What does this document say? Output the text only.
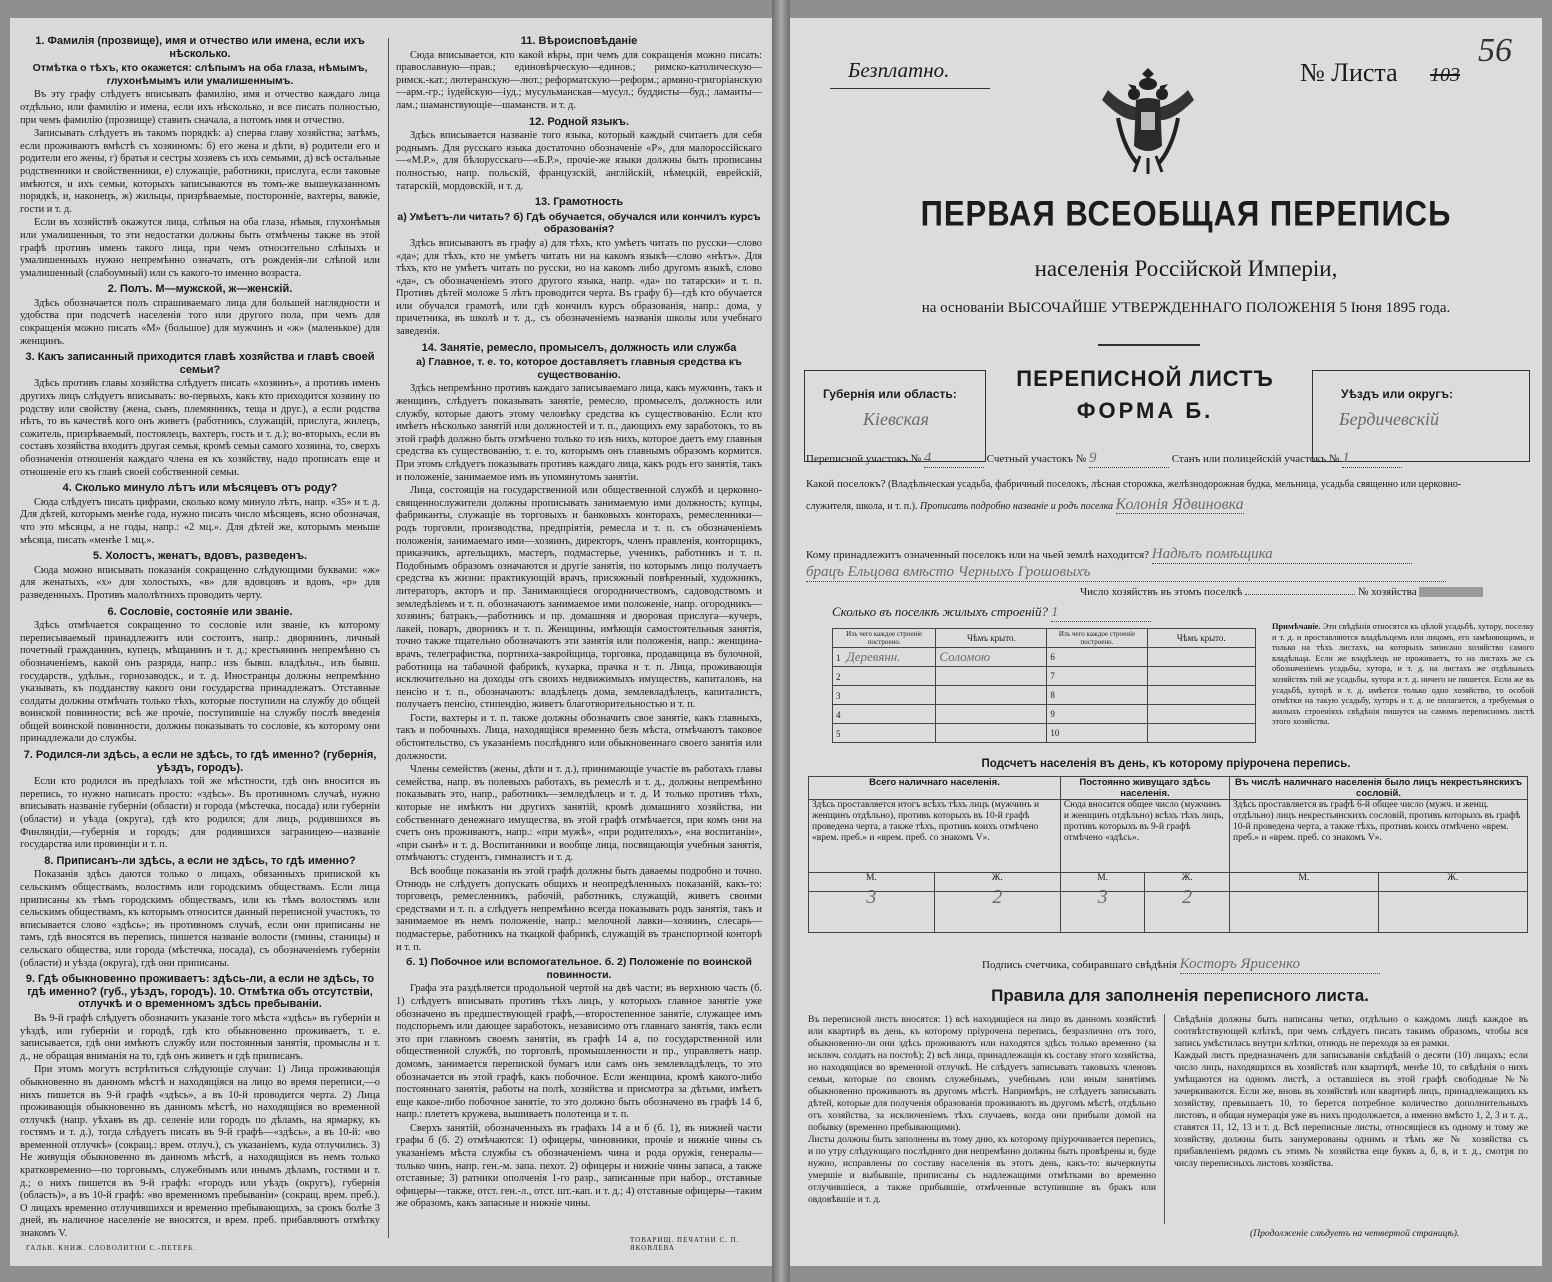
1. Фамилія (прозвище), имя и отчество или имена, если ихъ нѣсколько.
Отмѣтка о тѣхъ, кто окажется: слѣпымъ на оба глаза, нѣмымъ, глухонѣмымъ или умалишеннымъ.
Въ эту графу слѣдуетъ вписывать фамилію, имя и отчество каждаго лица отдѣльно, или фамилію и имена, если ихъ нѣсколько, и все писать полностью, при чемъ фамилію (прозвище) ставить сначала, а потомъ имя и отчество.
Записывать слѣдуетъ въ такомъ порядкѣ: а) сперва главу хозяйства; затѣмъ, если проживаютъ вмѣстѣ съ хозяиномъ: б) его жена и дѣти, в) родители его и родители его жены, г) братья и сестры хозяевъ съ ихъ семьями, д) всѣ остальные родственники и свойственники, е) служащіе, работники, прислуга, если таковые имѣются, и ихъ семьи, которыхъ записываются въ томъ-же вышеуказанномъ порядкѣ, и, наконецъ, ж) жильцы, призрѣваемые, посторонніе, вахтеры, вавжіе, гости и т. д.
Если въ хозяйствѣ окажутся лица, слѣпыя на оба глаза, нѣмыя, глухонѣмыя или умалишенныя, то эти недостатки должны быть отмѣчены также въ этой графѣ противъ именъ такого лица, при чемъ относительно слѣпыхъ и умалишенныхъ нужно непремѣнно означать, отъ рожденія-ли слѣпой или умалишенный (слабоумный) или съ какого-то именно возраста.
2. Полъ. М—мужской, ж—женскій.
Здѣсь обозначается полъ спрашиваемаго лица для большей наглядности и удобства при подсчетѣ населенія того или другого пола, при чемъ для сокращенія можно писать «М» (большое) для мужчинъ и «ж» (маленькое) для женщинъ.
3. Какъ записанный приходится главѣ хозяйства и главѣ своей семьи?
Здѣсь противъ главы хозяйства слѣдуетъ писать «хозяинъ», а противъ именъ другихъ лицъ слѣдуетъ вписывать: во-первыхъ, какъ кто приходится хозяину по родству или свойству (жена, сынъ, племянникъ, теща и друг.), а если родства нѣтъ, то въ качествѣ кого онъ живетъ (работникъ, служащій, прислуга, жилецъ, сожитель, призрѣваемый, постоялецъ, вахтеръ, гость и т. д.); во-вторыхъ, если въ составъ хозяйства входитъ другая семья, кромѣ семьи самого хозяина, то, сверхъ обозначенія отношенія каждаго члена ея къ хозяйству, надо прописать еще и отношеніе его къ главѣ своей собственной семьи.
4. Сколько минуло лѣтъ или мѣсяцевъ отъ роду?
Сюда слѣдуетъ писать цифрами, сколько кому минуло лѣтъ, напр. «35» и т. д. Для дѣтей, которымъ менѣе года, нужно писать число мѣсяцевъ, ясно обозначая, что это мѣсяцы, а не годы, напр.: «2 мц.». Для дѣтей же, которымъ меньше мѣсяца, писать «менѣе 1 мц.».
5. Холостъ, женатъ, вдовъ, разведенъ.
Сюда можно вписывать показанія сокращенно слѣдующими буквами: «ж» для женатыхъ, «х» для холостыхъ, «в» для вдовцовъ и вдовъ, «р» для разведенныхъ. Противъ малолѣтнихъ проводить черту.
6. Сословіе, состояніе или званіе.
Здѣсь отмѣчается сокращенно то сословіе или званіе, къ которому переписываемый принадлежитъ или состоитъ, напр.: дворянинъ, личный почетный гражданинъ, купецъ, мѣщанинъ и т. д.; крестьянинъ непремѣнно съ обозначеніемъ, какой онъ разряда, напр.: изъ бывш. владѣльч., изъ бывш. государств., удѣльн., горнозаводск., и т. д. Иностранцы должны непремѣнно указывать, къ подданству какого они государства принадлежатъ. Отставные солдаты должны отмѣчать только тѣхъ, которые поступили на службу до общей воинской повинности; всѣ же прочіе, поступившіе на службу послѣ введенія общей воинской повинности, должны показывать то сословіе, къ которому они принадлежали до службы.
7. Родился-ли здѣсь, а если не здѣсь, то гдѣ именно? (губернія, уѣздъ, городъ).
Если кто родился въ предѣлахъ той же мѣстности, гдѣ онъ вносится въ перепись, то нужно написать просто: «здѣсь». Въ противномъ случаѣ, нужно вписывать названіе губерніи (области) и города (мѣстечка, посада) или губерніи (области) и уѣзда (округа), гдѣ кто родился; для лицъ, родившихся въ Финляндіи,—губернія и городъ; для родившихся заграницею—названіе государства или провинціи и т. п.
8. Приписанъ-ли здѣсь, а если не здѣсь, то гдѣ именно?
Показанія здѣсь даются только о лицахъ, обязанныхъ припиской къ сельскимъ обществамъ, волостямъ или городскимъ обществамъ. Если лица приписаны къ тѣмъ городскимъ обществамъ, или къ тѣмъ волостямъ или сельскимъ обществамъ, къ которымъ относится данный переписной участокъ, то вписывается слово «здѣсь»; въ противномъ случаѣ, если они приписаны не тамъ, гдѣ вносятся въ перепись, пишется названіе волости (гмины, станицы) и сельскаго общества, или города (мѣстечка, посада), съ обозначеніемъ губерніи (области) и уѣзда (округа), гдѣ они приписаны.
9. Гдѣ обыкновенно проживаетъ: здѣсь-ли, а если не здѣсь, то гдѣ именно? (губ., уѣздъ, городъ). 10. Отмѣтка объ отсутствіи, отлучкѣ и о временномъ здѣсь пребываніи.
Въ 9-й графѣ слѣдуетъ обозначить указаніе того мѣста «здѣсь» въ губерніи и уѣздѣ, или губерніи и городѣ, гдѣ кто обыкновенно проживаетъ, т. е. записывается, гдѣ они имѣютъ службу или постоянныя занятія, промыслы и т. д., не обращая вниманія на то, гдѣ онъ живетъ и гдѣ приписанъ.
При этомъ могутъ встрѣтиться слѣдующіе случаи: 1) Лица проживающія обыкновенно въ данномъ мѣстѣ и находящіяся на лицо во время переписи,—о нихъ пишется въ 9-й графѣ «здѣсь», а въ 10-й проводится черта. 2) Лица проживающія обыкновенно въ данномъ мѣстѣ, но находящіяся во временной отлучкѣ (напр. уѣхавъ въ др. селеніе или городъ по дѣламъ, на ярмарку, къ гостямъ и т. д.), тогда слѣдуетъ писать въ 9-й графѣ—«здѣсь», а въ 10-й: «во временной отлучкѣ» (сокращ.: врем. отлуч.), съ указаніемъ, куда отлучились. 3) Не живущія обыкновенно въ данномъ мѣстѣ, а находящіяся въ немъ только кратковременно—по торговымъ, служебнымъ или инымъ дѣламъ, гостями и т. д.; о нихъ пишется въ 9-й графѣ: «городъ или уѣздъ (округъ), губернія (область)», а въ 10-й графѣ: «во временномъ пребываніи» (сокращ. врем. преб.). О лицахъ временно отлучившихся и временно пребывающихъ, за срокъ болѣе 3 дней, въ наличное населеніе не вносятся, и врем. преб. прибавляютъ отмѣтку знакомъ V.
11. Вѣроисповѣданіе
Сюда вписывается, кто какой вѣры, при чемъ для сокращенія можно писать: православную—прав.; единовѣрческую—единов.; римско-католическую—римск.-кат.; лютеранскую—лют.; реформатскую—реформ.; армяно-григоріанскую—арм.-гр.; іудейскую—іуд.; мусульманская—мусул.; буддисты—буд.; ламаиты—лам.; шаманствующіе—шаманств. и т. д.
12. Родной языкъ.
Здѣсь вписывается названіе того языка, который каждый считаетъ для себя роднымъ. Для русскаго языка достаточно обозначеніе «Р», для малороссійскаго—«М.Р.», для бѣлорусскаго—«Б.Р.», прочіе-же языки должны быть прописаны полностью, напр. польскій, французскій, англійскій, нѣмецкій, еврейскій, татарскій, мордовскій, и т. д.
13. Грамотность
а) Умѣетъ-ли читать? б) Гдѣ обучается, обучался или кончилъ курсъ образованія?
Здѣсь вписываютъ въ графу а) для тѣхъ, кто умѣетъ читать по русски—слово «да»; для тѣхъ, кто не умѣетъ читать ни на какомъ языкѣ—слово «нѣтъ». Для тѣхъ, кто не умѣетъ читать по русски, но на какомъ либо другомъ языкѣ, слово «да», съ обозначеніемъ этого другого языка, напр. «да» по татарски» и т. п. Противъ дѣтей моложе 5 лѣтъ проводится черта. Въ графу б)—гдѣ кто обучается или обучался грамотѣ, или гдѣ кончилъ курсъ образованія, напр.: дома, у причетника, въ школѣ и т. д., съ обозначеніемъ названія школы или учебнаго заведенія.
14. Занятіе, ремесло, промыселъ, должность или служба
а) Главное, т. е. то, которое доставляетъ главныя средства къ существованію.
Здѣсь непремѣнно противъ каждаго записываемаго лица, какъ мужчинъ, такъ и женщинъ, слѣдуетъ показывать занятіе, ремесло, промыселъ, должность или службу, которые даютъ этому человѣку средства къ существованію. Если кто имѣетъ нѣсколько занятій или должностей и т. п., дающихъ ему заработокъ, то въ этой графѣ должно быть отмѣчено только то изъ нихъ, которое даетъ ему главныя средства къ существованію, т. е. то, которымъ онъ главнымъ образомъ кормится. При этомъ слѣдуетъ показывать противъ каждаго лица, какъ родъ его занятія, такъ и положеніе, занимаемое имъ въ упомянутомъ занятіи.
Лица, состоящія на государственной или общественной службѣ и церковно-священнослужители должны прописывать занимаемую ими должность; купцы, фабриканты, служащіе въ торговыхъ и банковыхъ конторахъ, ремесленники—родъ торговли, производства, предпріятія, ремесла и т. п. съ обозначеніемъ положенія, занимаемаго ими—хозяинъ, директоръ, членъ правленія, конторщикъ, приказчикъ, артельщикъ, мастеръ, подмастерье, ученикъ, работникъ и т. п. Подобнымъ образомъ означаются и другіе занятія, по которымъ лицо получаетъ средства къ жизни: практикующій врачъ, присяжный повѣренный, художникъ, литераторъ, акторъ и пр. Занимающіеся огородничествомъ, садоводствомъ и земледѣліемъ и т. п. обозначаютъ занимаемое ими положеніе, напр. огородникъ—хозяинъ; батракъ,—работникъ и пр. домашняя и дворовая прислуга—кучеръ, лакей, поваръ, дворникъ и т. п. Женщины, имѣющія самостоятельныя занятія, точно также тщательно обозначаютъ эти занятія или положенія, напр.: женщина-врачъ, телеграфистка, портниха-закройщица, торговка, продавщица въ булочной, работница на табачной фабрикѣ, кухарка, прачка и т. п. Лица, проживающія исключительно на доходы отъ своихъ недвижимыхъ имуществъ, капиталовъ, на пенсію и т. п., обозначаютъ: владѣлецъ дома, землевладѣлецъ, капиталистъ, получаетъ пенсію, стипендію, живетъ благотворительностью и т. п.
Гости, вахтеры и т. п. также должны обозначить свое занятіе, какъ главныхъ, такъ и побочныхъ. Лица, находящіяся временно безъ мѣста, отмѣчаютъ таковое обстоятельство, съ указаніемъ послѣдняго или обыкновеннаго своего занятія или должности.
Члены семействъ (жены, дѣти и т. д.), принимающіе участіе въ работахъ главы семейства, напр. въ полевыхъ работахъ, въ ремеслѣ и т. д., должны непремѣнно показывать это, напр., работникъ—земледѣлецъ и т. д. И только противъ тѣхъ, которые не имѣютъ ни другихъ занятій, кромѣ домашняго хозяйства, ни собственнаго денежнаго имущества, въ этой графѣ отмѣчается, при комъ они на счетъ онъ проживаютъ, напр.: «при мужѣ», «при родителяхъ», «на воспитаніи», «при сынѣ» и т. д. Воспитанники и вообще лица, посвящающія учебныя занятія, отмѣчаютъ: студентъ, гимназистъ и т. д.
Всѣ вообще показанія въ этой графѣ должны быть даваемы подробно и точно. Отнюдь не слѣдуетъ допускать общихъ и неопредѣленныхъ показаній, какъ-то: торговецъ, ремесленникъ, рабочій, работникъ, служащій, живетъ своими средствами и т. п. а слѣдуетъ непремѣнно всегда показывать родъ занятія, такъ и занимаемое въ немъ положеніе, напр.: мелочной лавки—хозяинъ, слесарь—подмастерье, работникъ на ткацкой фабрикѣ, служащій въ транспортной конторѣ и т. п.
б. 1) Побочное или вспомогательное. б. 2) Положеніе по воинской повинности.
Графа эта раздѣляется продольной чертой на двѣ части; въ верхнюю часть (б. 1) слѣдуетъ вписывать противъ тѣхъ лицъ, у которыхъ главное занятіе уже обозначено въ предшествующей графѣ,—второстепенное занятіе, служащее имъ подспорьемъ или дающее заработокъ, независимо отъ главнаго занятія, такъ если это при главномъ своемъ занятіи, въ графѣ 14 а, по государственной или общественной службѣ, по торговлѣ, промышленности и пр., управляетъ напр. домомъ, занимается перепиской бумагъ или самъ онъ землевладѣлецъ, то это обозначается въ этой графѣ, какъ побочное. Если женщина, кромѣ какого-либо постояннаго занятія, работы на полѣ, хозяйства и присмотра за дѣтьми, имѣетъ еще какое-либо побочное занятіе, то это должно быть обозначено въ графѣ 14 б, напр.: плететъ кружева, вышиваетъ полотенца и т. п.
Сверхъ занятій, обозначенныхъ въ графахъ 14 а и б (б. 1), въ нижней части графы б (б. 2) отмѣчаются: 1) офицеры, чиновники, прочіе и нижніе чины съ указаніемъ мѣста службы съ обозначеніемъ чина и рода оружія, генералы—только чинъ, напр. ген.-м. запа. пехот. 2) офицеры и нижніе чины запаса, а также отставные; 3) ратники ополченія 1-го разр., записанные при набор., отставные офицеры—также, отст. ген.-л., отст. шт.-кап. и т. д.; 4) отставные офицеры—таким же образомъ, какъ запасные и нижніе чины.
ГАЛЬВ. КНИЖ. СЛОВОЛИТНИ С.-ПЕТЕРБ.
ТОВАРИЩ. ПЕЧАТНИ С. П. ЯКОВЛЕВА
Безплатно.	№ Листа 103
56
ПЕРВАЯ ВСЕОБЩАЯ ПЕРЕПИСЬ
населенія Россійской Имперіи,
на основаніи ВЫСОЧАЙШЕ УТВЕРЖДЕННАГО ПОЛОЖЕНІЯ 5 Іюня 1895 года.
Губернія или область:
Кіевская
ПЕРЕПИСНОЙ ЛИСТЪ
ФОРМА Б.
Уѣздъ или округъ:
Бердичевскій
Переписной участокъ № 4	Счетный участокъ № 9	Станъ или полицейскій участокъ № 1
Какой поселокъ? (Владѣльческая усадьба, фабричный поселокъ, лѣсная сторожка, желѣзнодорожная будка, мельница, усадьба священно или церковно-служителя, школа, и т. п.). Прописать подробно названіе и родъ поселка Колонія Ядвиновка
Кому принадлежитъ означенный поселокъ или на чьей землѣ находится? Надѣлъ помѣщика
брацъ Ельцова вмѣсто Черныхъ Грошовыхъ
Число хозяйствъ въ этомъ поселкѣ	№ хозяйства
Сколько въ поселкѣ жилыхъ строеній? 1
Изъ чего каждое строеніе построено.	Чѣмъ крыто.	Изъ чего каждое строеніе построено.	Чѣмъ крыто.
1 Деревянн.	Соломою	6	
2		7	
3		8	
4		9	
5		10	
Примѣчаніе. Эти свѣдѣнія относятся къ цѣлой усадьбѣ, хутору, поселку и т. д. и проставляются владѣльцемъ или лицомъ, его замѣняющимъ, и только на тѣхъ листахъ, на которыхъ записано хозяйство самого владѣльца. Если же владѣлецъ не проживаетъ, то на листахъ же съ обозначеніемъ усадьбы, хутора, и т. д. на листахъ же отдѣльныхъ хозяйствъ той же усадьбы, хутора и т. д. ничего не пишется. Если же въ усадьбѣ, хуторѣ и т. д. имѣется только одно хозяйство, то особой отмѣтки на такую усадьбу, хуторъ и т. д. не полагается, а требуемыя о жилыхъ строеніяхъ свѣдѣнія пишутся на самомъ переписномъ листѣ этого хозяйства.
Подсчетъ населенія въ день, къ которому пріурочена перепись.
Всего наличнаго населенія.		Постоянно живущаго здѣсь населенія.		Въ числѣ наличнаго населенія было лицъ некрестьянскихъ сословій.	
Здѣсь проставляется итогъ всѣхъ тѣхъ лицъ (мужчинъ и женщинъ отдѣльно), противъ которыхъ въ 10-й графѣ проведена черта, а также тѣхъ, противъ коихъ отмѣчено «врем. преб.» и «врем. преб. со знакомъ V».		Сюда вносится общее число (мужчинъ и женщинъ отдѣльно) всѣхъ тѣхъ лицъ, противъ которыхъ въ 9-й графѣ отмѣчено «здѣсь».		Здѣсь проставляется въ графѣ 6-й общее число (мужч. и женщ. отдѣльно) лицъ некрестьянскихъ сословій, противъ которыхъ въ графѣ 10-й проведена черта, а также тѣхъ, противъ коихъ отмѣчено «врем. преб.» и «врем. преб. со знакомъ V».	
М.	Ж.	М.	Ж.	М.	Ж.
3	2	3	2		
Подпись счетчика, собиравшаго свѣдѣнія Косторъ Ярисенко
Правила для заполненія переписного листа.
Въ переписной листъ вносятся: 1) всѣ находящіеся на лицо въ данномъ хозяйствѣ или квартирѣ въ день, къ которому пріурочена перепись, безразлично отъ того, обыкновенно-ли они здѣсь проживаютъ или находятся здѣсь только временно (за исключ. солдатъ на постоѣ); 2) всѣ лица, принадлежащія къ составу этого хозяйства, но находящіяся во временной отлучкѣ. Не слѣдуетъ записывать таковыхъ членовъ семьи, которые по своимъ служебнымъ, учебнымъ или иным занятіямъ обыкновенно проживаютъ въ другомъ мѣстѣ. Напримѣръ, не слѣдуетъ записывать дѣтей, которые для полученія образованія проживаютъ въ другомъ мѣстѣ, отдѣльно отъ хозяйства, за исключеніемъ тѣхъ случаевъ, когда они прибыли домой на побывку (временно пребывающими).
Листы должны быть заполнены въ тому дню, къ которому пріурочивается перепись, и по утру слѣдующаго послѣдняго дня непремѣнно должны быть провѣрены и, буде нужно, исправлены по составу населенія въ этотъ день, какъ-то: вычеркнуты умершіе и выбывшіе, приписаны съ надлежащими отмѣтками во временно отлучившіеся, а также прибывшіе, отмѣченные вступившие въ бракъ или овдовѣвшіе и т. д.
Свѣдѣнія должны быть написаны четко, отдѣльно о каждомъ лицѣ каждое въ соотвѣтствующей клѣткѣ, при чемъ слѣдуетъ писать такимъ образомъ, чтобы вся запись умѣстилась внутри клѣтки, отнюдь не переходя за ея рамки.
Каждый листъ предназначенъ для записыванія свѣдѣній о десяти (10) лицахъ; если число лицъ, находящихся въ хозяйствѣ или квартирѣ, менѣе 10, то свѣдѣнія о нихъ умѣщаются на одномъ листѣ, а оставшіеся въ этой графѣ свободные №№ зачеркиваются. Если же, вновь въ хозяйствѣ или квартирѣ лицъ, принадлежащихъ къ хозяйству, превышаетъ 10, то берется потребное количество дополнительныхъ листовъ, и общая нумерація уже въ нихъ продолжается, а именно вмѣсто 1, 2, 3 и т. д., ставятся 11, 12, 13 и т. д. Всѣ переписные листы, относящіеся къ одному и тому же хозяйству, должны быть занумерованы однимъ и тѣмъ же № хозяйства съ прибавленіемъ рядомъ съ этимъ № хозяйства еще буквъ а, б, в, и т. д., смотря по числу переписныхъ листовъ хозяйства.
(Продолженіе слѣдуетъ на четвертой страницѣ).
